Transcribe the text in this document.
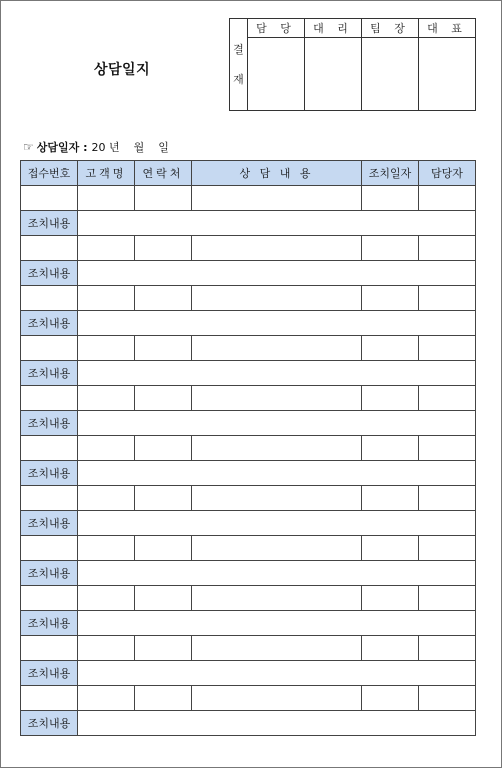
상담일지
결
재	담 당	대 리	팀 장	대 표

☞ 상담일자 : 20 년 월 일
접수번호	고객명	연락처	상 담 내 용	조치일자	담당자

조치내용					

조치내용					

조치내용					

조치내용					

조치내용					

조치내용					

조치내용					

조치내용					

조치내용					

조치내용					

조치내용					
